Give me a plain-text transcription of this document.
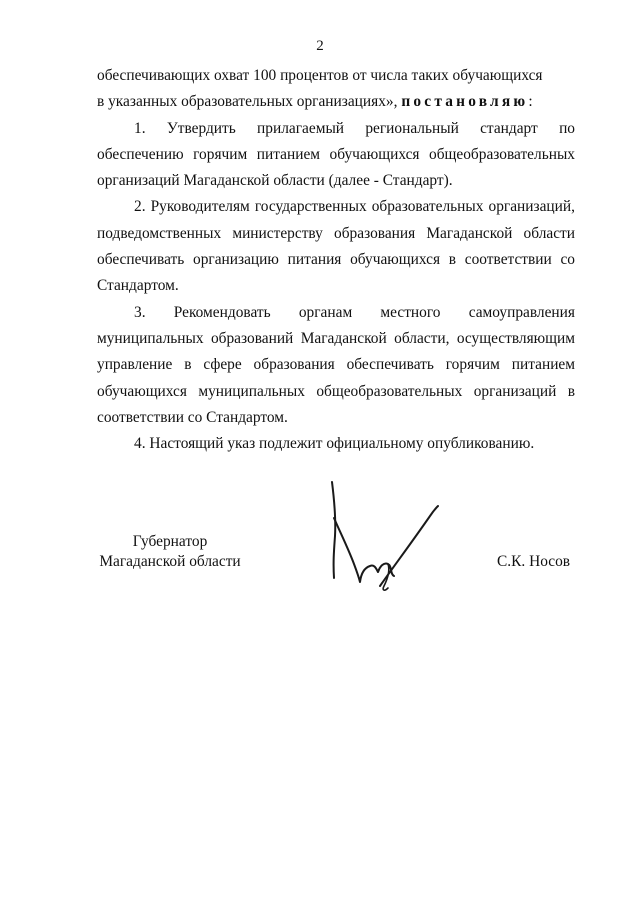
2

обеспечивающих охват 100 процентов от числа таких обучающихся
в указанных образовательных организациях», постановляю:

1. Утвердить прилагаемый региональный стандарт по обеспечению горячим питанием обучающихся общеобразовательных организаций Магаданской области (далее - Стандарт).

2. Руководителям государственных образовательных организаций, подведомственных министерству образования Магаданской области обеспечивать организацию питания обучающихся в соответствии со Стандартом.

3. Рекомендовать органам местного самоуправления муниципальных образований Магаданской области, осуществляющим управление в сфере образования обеспечивать горячим питанием обучающихся муниципальных общеобразовательных организаций в соответствии со Стандартом.

4. Настоящий указ подлежит официальному опубликованию.

Губернатор
Магаданской области	С.К. Носов
